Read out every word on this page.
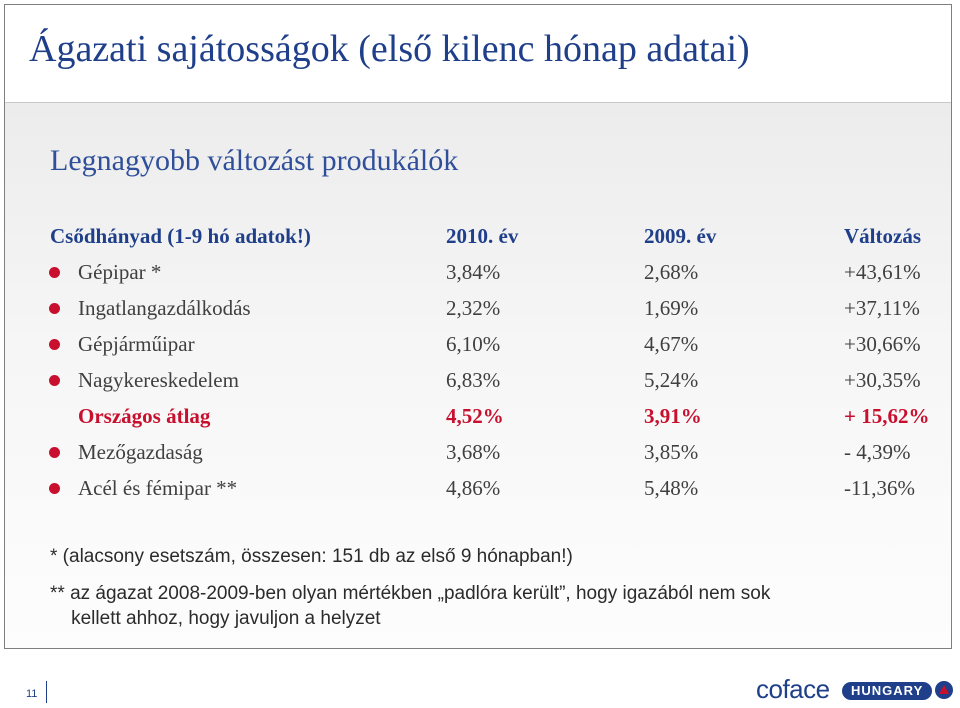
Ágazati sajátosságok (első kilenc hónap adatai)
Legnagyobb változást produkálók
Csődhányad (1-9 hó adatok!)	2010. év	2009. év	Változás
Gépipar *	3,84%	2,68%	+43,61%
Ingatlangazdálkodás	2,32%	1,69%	+37,11%
Gépjárműipar	6,10%	4,67%	+30,66%
Nagykereskedelem	6,83%	5,24%	+30,35%
Országos átlag	4,52%	3,91%	+ 15,62%
Mezőgazdaság	3,68%	3,85%	- 4,39%
Acél és fémipar **	4,86%	5,48%	-11,36%
* (alacsony esetszám, összesen: 151 db az első 9 hónapban!)
** az ágazat 2008-2009-ben olyan mértékben „padlóra került”, hogy igazából nem sok
kellett ahhoz, hogy javuljon a helyzet
11	coface	HUNGARY
